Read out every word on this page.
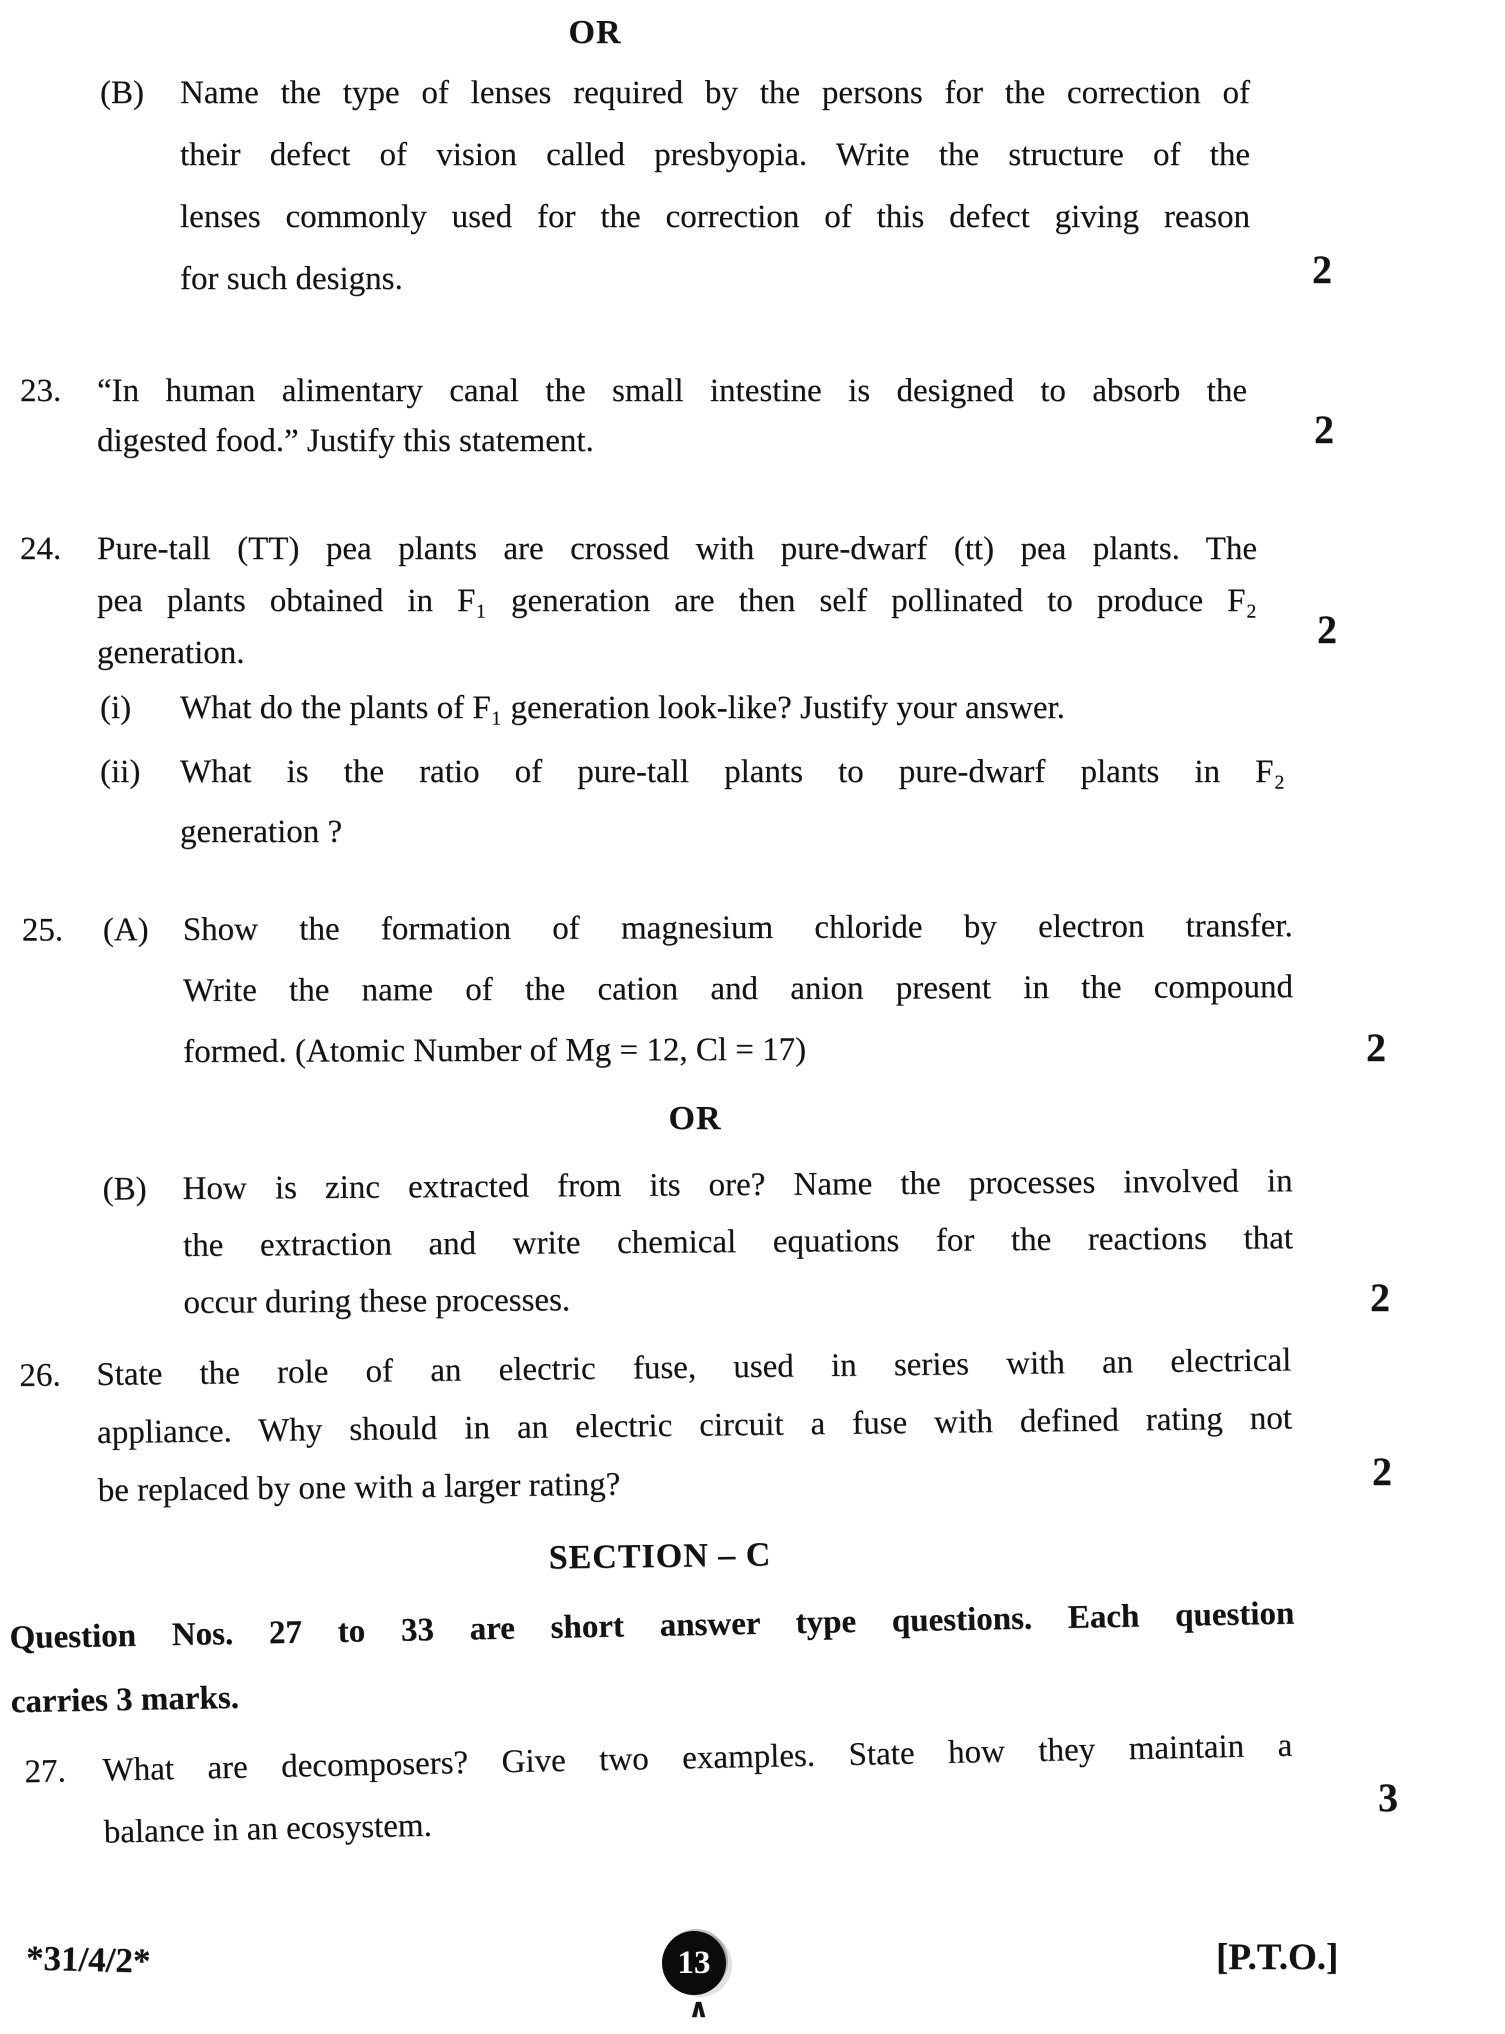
OR
(B) Name the type of lenses required by the persons for the correction of
their defect of vision called presbyopia. Write the structure of the
lenses commonly used for the correction of this defect giving reason
for such designs.	2
23. “In human alimentary canal the small intestine is designed to absorb the
digested food.” Justify this statement.	2
24. Pure-tall (TT) pea plants are crossed with pure-dwarf (tt) pea plants. The
pea plants obtained in F₁ generation are then self pollinated to produce F₂
generation.
2
(i) What do the plants of F₁ generation look-like? Justify your answer.
(ii) What is the ratio of pure-tall plants to pure-dwarf plants in F₂
generation ?
25. (A) Show the formation of magnesium chloride by electron transfer.
Write the name of the cation and anion present in the compound
formed. (Atomic Number of Mg = 12, Cl = 17)	2
OR
(B) How is zinc extracted from its ore? Name the processes involved in
the extraction and write chemical equations for the reactions that
occur during these processes.	2
26. State the role of an electric fuse, used in series with an electrical
appliance. Why should in an electric circuit a fuse with defined rating not
be replaced by one with a larger rating?	2
SECTION – C
Question Nos. 27 to 33 are short answer type questions. Each question
carries 3 marks.
27. What are decomposers? Give two examples. State how they maintain a
balance in an ecosystem.
3
*31/4/2*	13
∧
[P.T.O.]
